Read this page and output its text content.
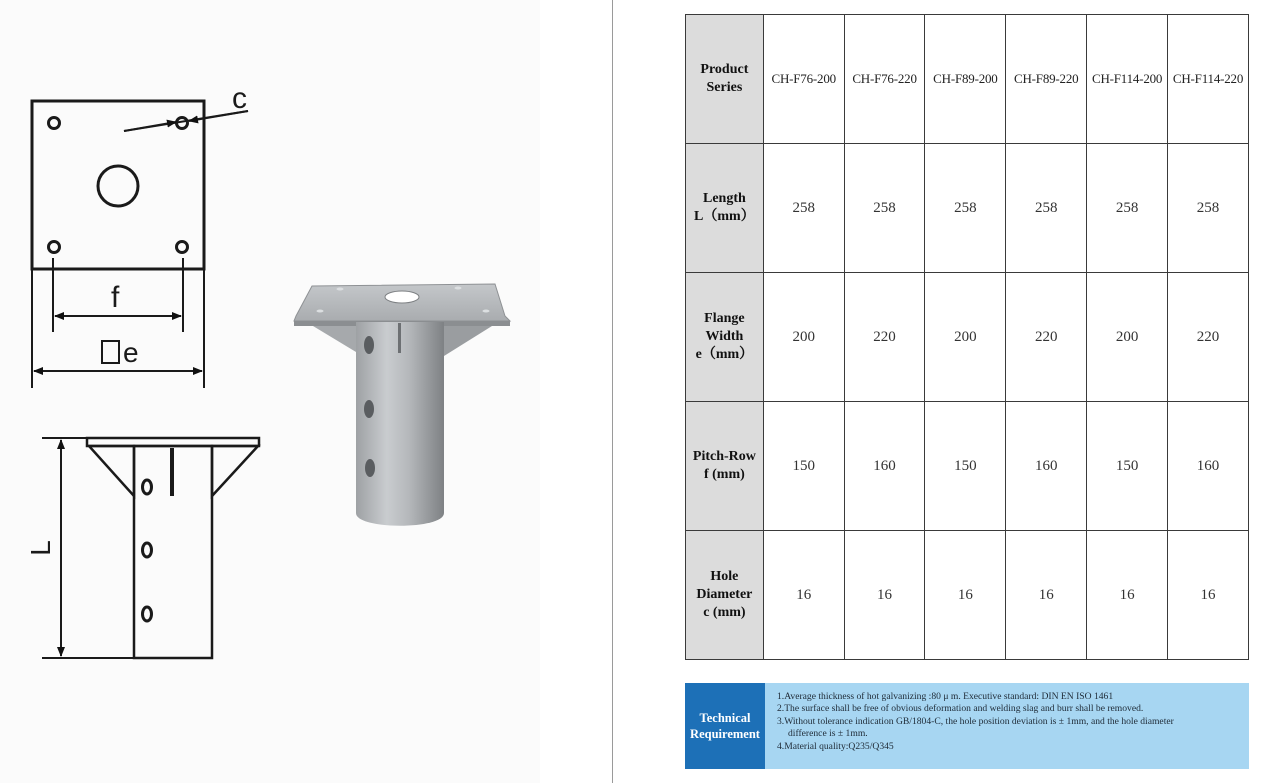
c
f
e
L
Product
Series	CH-F76-200	CH-F76-220	CH-F89-200	CH-F89-220	CH-F114-200	CH-F114-220

Length
L（mm）	258	258	258	258	258	258

Flange
Width
e（mm）	200	220	200	220	200	220

Pitch-Row
f (mm)	150	160	150	160	150	160

Hole
Diameter
c (mm)	16	16	16	16	16	16
Technical
Requirement
1.Average thickness of hot galvanizing :80 μ m. Executive standard: DIN EN ISO 1461
2.The surface shall be free of obvious deformation and welding slag and burr shall be removed.
3.Without tolerance indication GB/1804-C, the hole position deviation is ± 1mm, and the hole diameter
difference is ± 1mm.
4.Material quality:Q235/Q345
